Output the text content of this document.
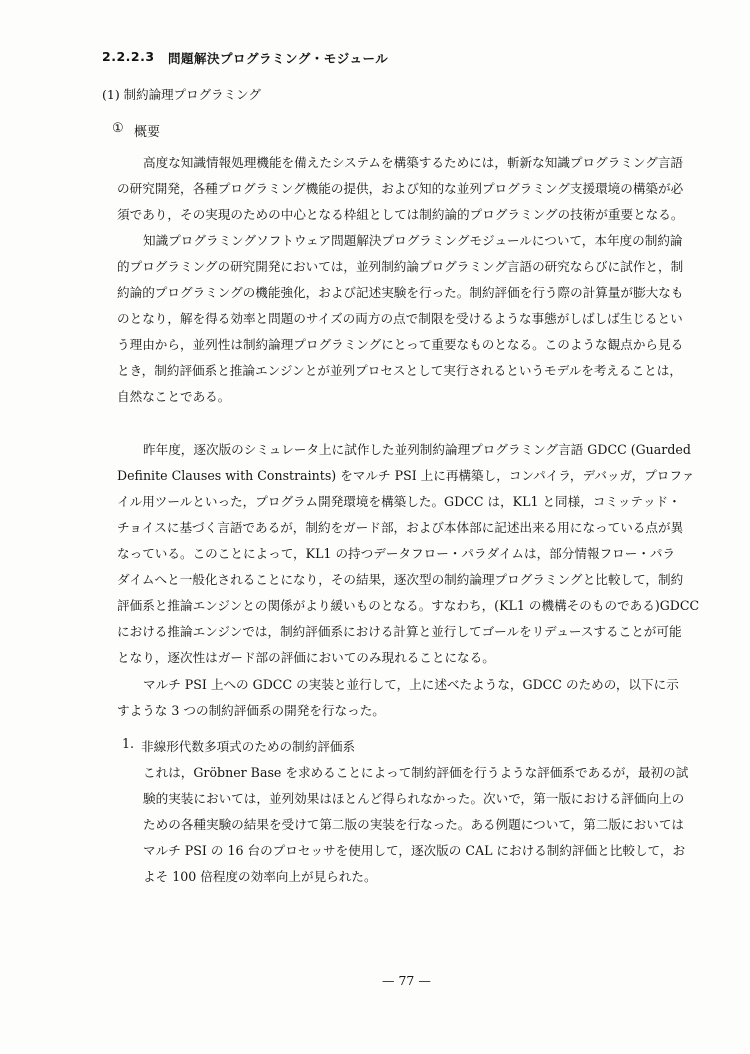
2.2.2.3 問題解決プログラミング・モジュール
(1) 制約論理プログラミング
① 概要
高度な知識情報処理機能を備えたシステムを構築するためには，斬新な知識プログラミング言語
の研究開発，各種プログラミング機能の提供，および知的な並列プログラミング支援環境の構築が必
須であり，その実現のための中心となる枠組としては制約論的プログラミングの技術が重要となる。
知識プログラミングソフトウェア問題解決プログラミングモジュールについて，本年度の制約論
的プログラミングの研究開発においては，並列制約論プログラミング言語の研究ならびに試作と，制
約論的プログラミングの機能強化，および記述実験を行った。制約評価を行う際の計算量が膨大なも
のとなり，解を得る効率と問題のサイズの両方の点で制限を受けるような事態がしばしば生じるとい
う理由から，並列性は制約論理プログラミングにとって重要なものとなる。このような観点から見る
とき，制約評価系と推論エンジンとが並列プロセスとして実行されるというモデルを考えることは，
自然なことである。
昨年度，逐次版のシミュレータ上に試作した並列制約論理プログラミング言語 GDCC (Guarded
Definite Clauses with Constraints) をマルチ PSI 上に再構築し，コンパイラ，デバッガ，プロファ
イル用ツールといった，プログラム開発環境を構築した。GDCC は，KL1 と同様，コミッテッド・
チョイスに基づく言語であるが，制約をガード部，および本体部に記述出来る用になっている点が異
なっている。このことによって，KL1 の持つデータフロー・パラダイムは，部分情報フロー・パラ
ダイムへと一般化されることになり，その結果，逐次型の制約論理プログラミングと比較して，制約
評価系と推論エンジンとの関係がより緩いものとなる。すなわち，(KL1 の機構そのものである)GDCC
における推論エンジンでは，制約評価系における計算と並行してゴールをリデュースすることが可能
となり，逐次性はガード部の評価においてのみ現れることになる。
マルチ PSI 上への GDCC の実装と並行して，上に述べたような，GDCC のための，以下に示
すような 3 つの制約評価系の開発を行なった。
1. 非線形代数多項式のための制約評価系
これは，Gröbner Base を求めることによって制約評価を行うような評価系であるが，最初の試
験的実装においては，並列効果はほとんど得られなかった。次いで，第一版における評価向上の
ための各種実験の結果を受けて第二版の実装を行なった。ある例題について，第二版においては
マルチ PSI の 16 台のプロセッサを使用して，逐次版の CAL における制約評価と比較して，お
よそ 100 倍程度の効率向上が見られた。
— 77 —
